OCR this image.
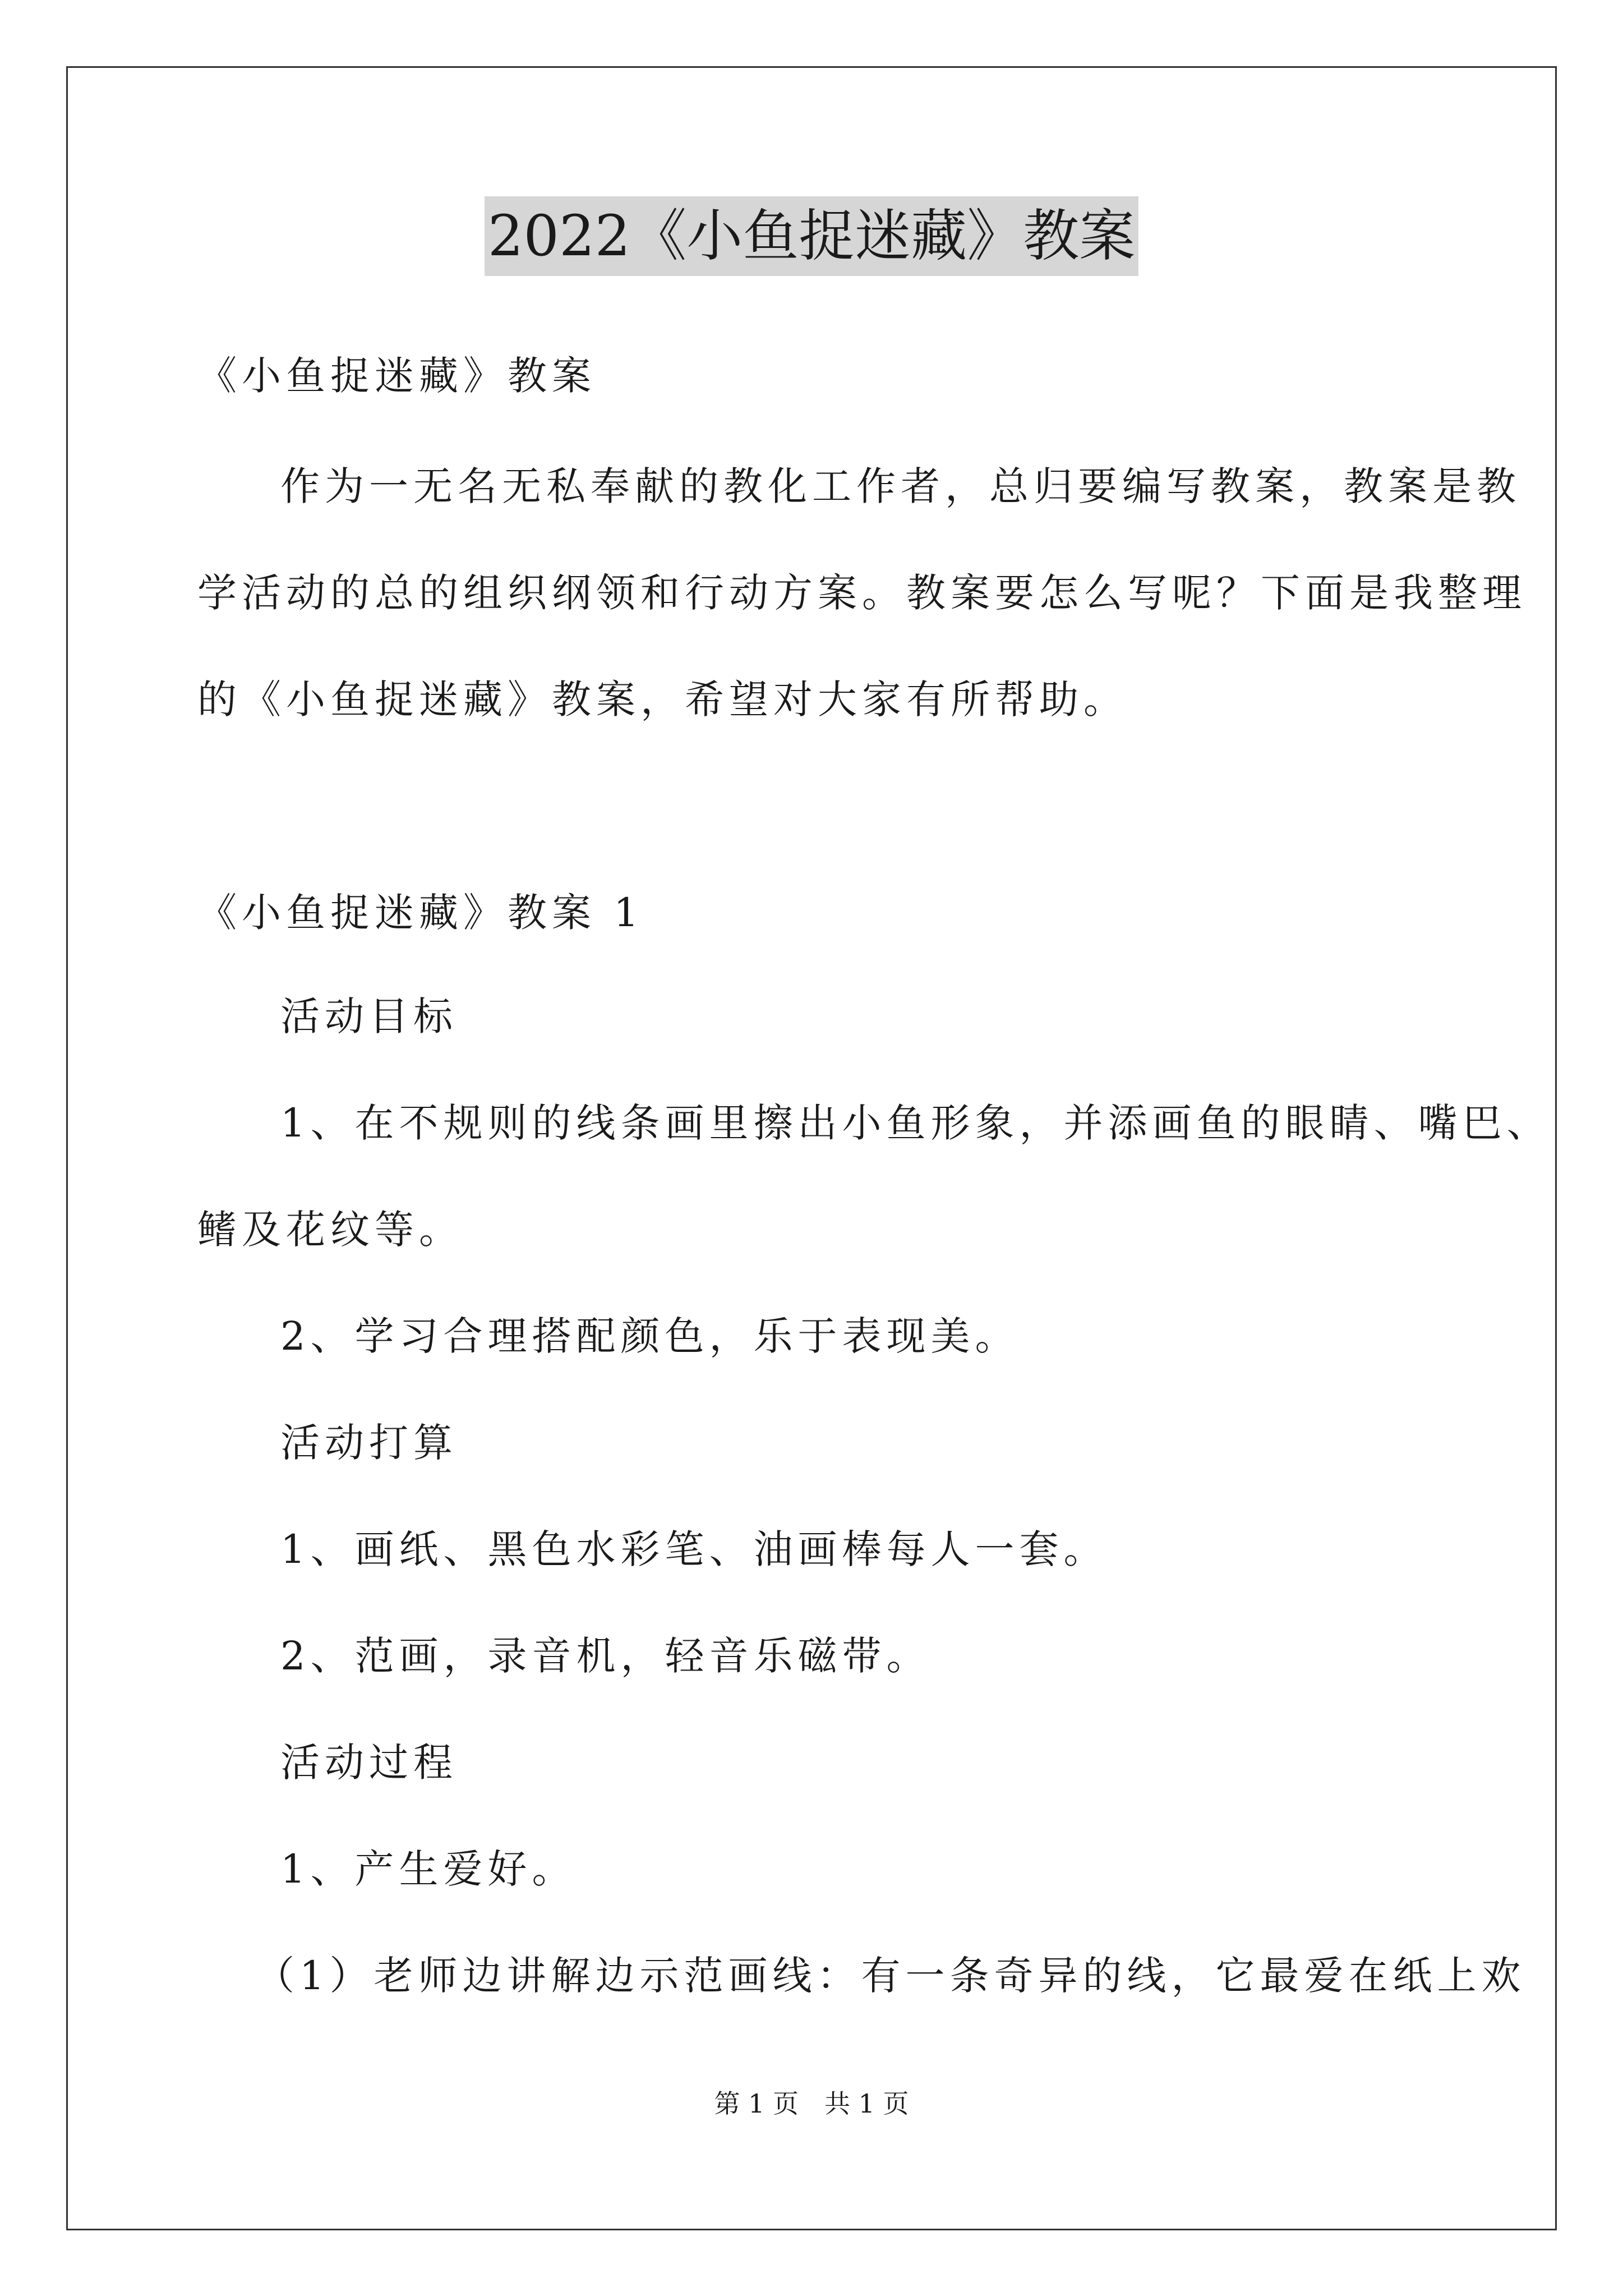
2022《小鱼捉迷藏》教案
《小鱼捉迷藏》教案
作为一无名无私奉献的教化工作者，总归要编写教案，教案是教
学活动的总的组织纲领和行动方案。教案要怎么写呢？下面是我整理
的《小鱼捉迷藏》教案，希望对大家有所帮助。
《小鱼捉迷藏》教案 1
活动目标
1、在不规则的线条画里擦出小鱼形象，并添画鱼的眼睛、嘴巴、
鳍及花纹等。
2、学习合理搭配颜色，乐于表现美。
活动打算
1、画纸、黑色水彩笔、油画棒每人一套。
2、范画，录音机，轻音乐磁带。
活动过程
1、产生爱好。
（1）老师边讲解边示范画线：有一条奇异的线，它最爱在纸上欢
第 1 页　共 1 页
